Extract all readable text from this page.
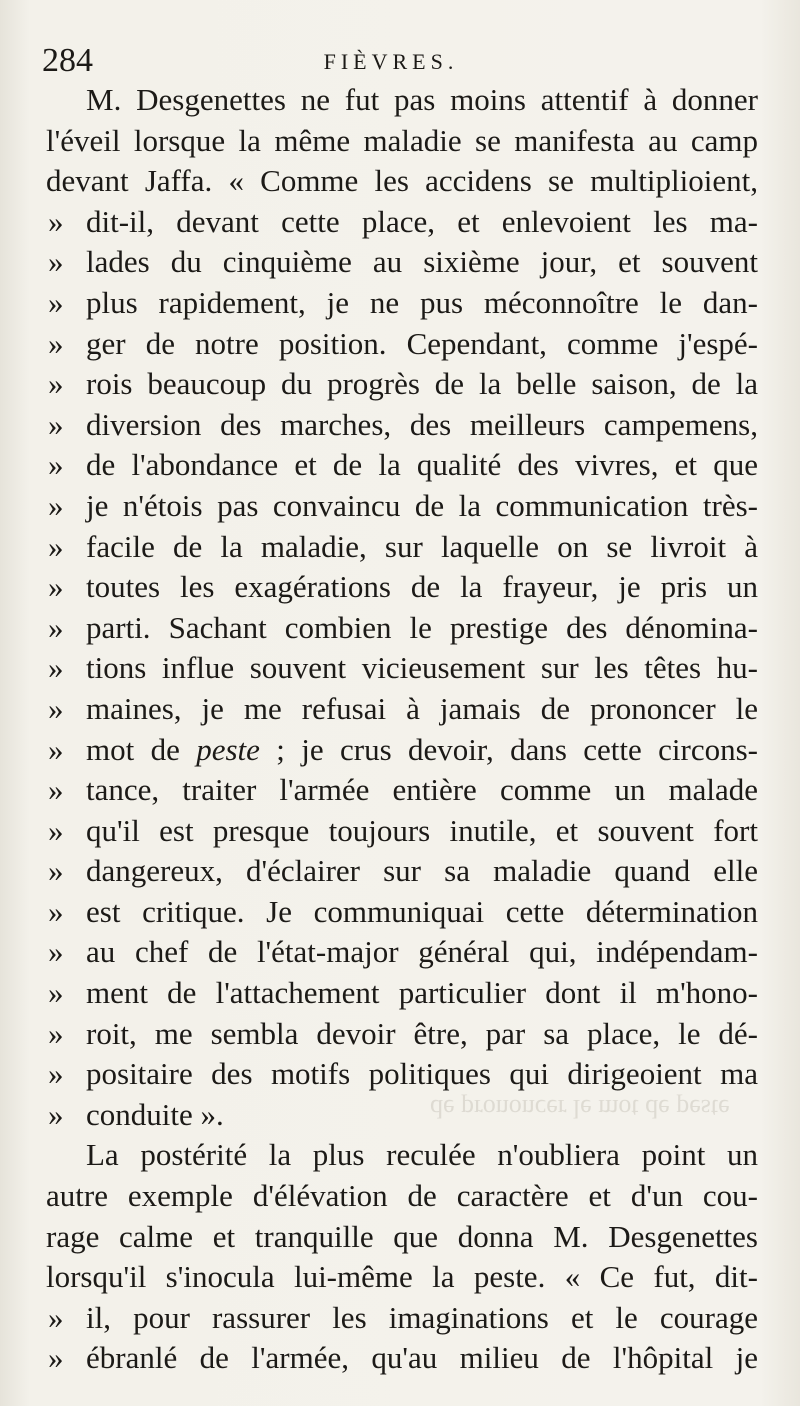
284	FIÈVRES.
M. Desgenettes ne fut pas moins attentif à donner
l'éveil lorsque la même maladie se manifesta au camp
devant Jaffa. « Comme les accidens se multiplioient,
» dit-il, devant cette place, et enlevoient les ma-
» lades du cinquième au sixième jour, et souvent
» plus rapidement, je ne pus méconnoître le dan-
» ger de notre position. Cependant, comme j'espé-
» rois beaucoup du progrès de la belle saison, de la
» diversion des marches, des meilleurs campemens,
» de l'abondance et de la qualité des vivres, et que
» je n'étois pas convaincu de la communication très-
» facile de la maladie, sur laquelle on se livroit à
» toutes les exagérations de la frayeur, je pris un
» parti. Sachant combien le prestige des dénomina-
» tions influe souvent vicieusement sur les têtes hu-
» maines, je me refusai à jamais de prononcer le
» mot de peste ; je crus devoir, dans cette circons-
» tance, traiter l'armée entière comme un malade
» qu'il est presque toujours inutile, et souvent fort
» dangereux, d'éclairer sur sa maladie quand elle
» est critique. Je communiquai cette détermination
» au chef de l'état-major général qui, indépendam-
» ment de l'attachement particulier dont il m'hono-
» roit, me sembla devoir être, par sa place, le dé-
» positaire des motifs politiques qui dirigeoient ma
» conduite ».
La postérité la plus reculée n'oubliera point un
autre exemple d'élévation de caractère et d'un cou-
rage calme et tranquille que donna M. Desgenettes
lorsqu'il s'inocula lui-même la peste. « Ce fut, dit-
» il, pour rassurer les imaginations et le courage
» ébranlé de l'armée, qu'au milieu de l'hôpital je
de prononcer le mot de peste
